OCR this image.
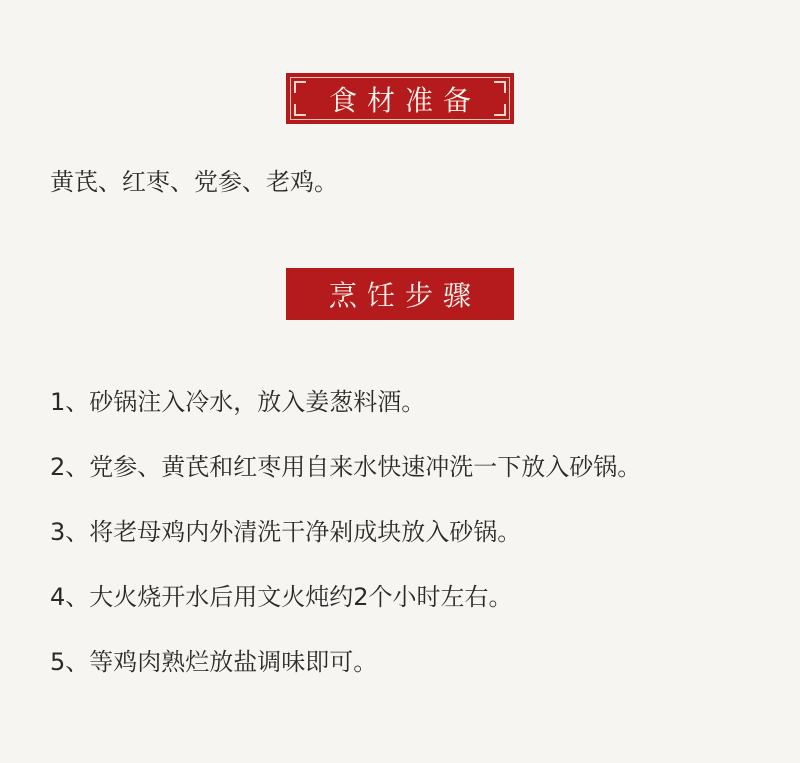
食材准备

黄芪、红枣、党参、老鸡。

烹饪步骤
1、砂锅注入冷水，放入姜葱料酒。
2、党参、黄芪和红枣用自来水快速冲洗一下放入砂锅。
3、将老母鸡内外清洗干净剁成块放入砂锅。
4、大火烧开水后用文火炖约2个小时左右。
5、等鸡肉熟烂放盐调味即可。
